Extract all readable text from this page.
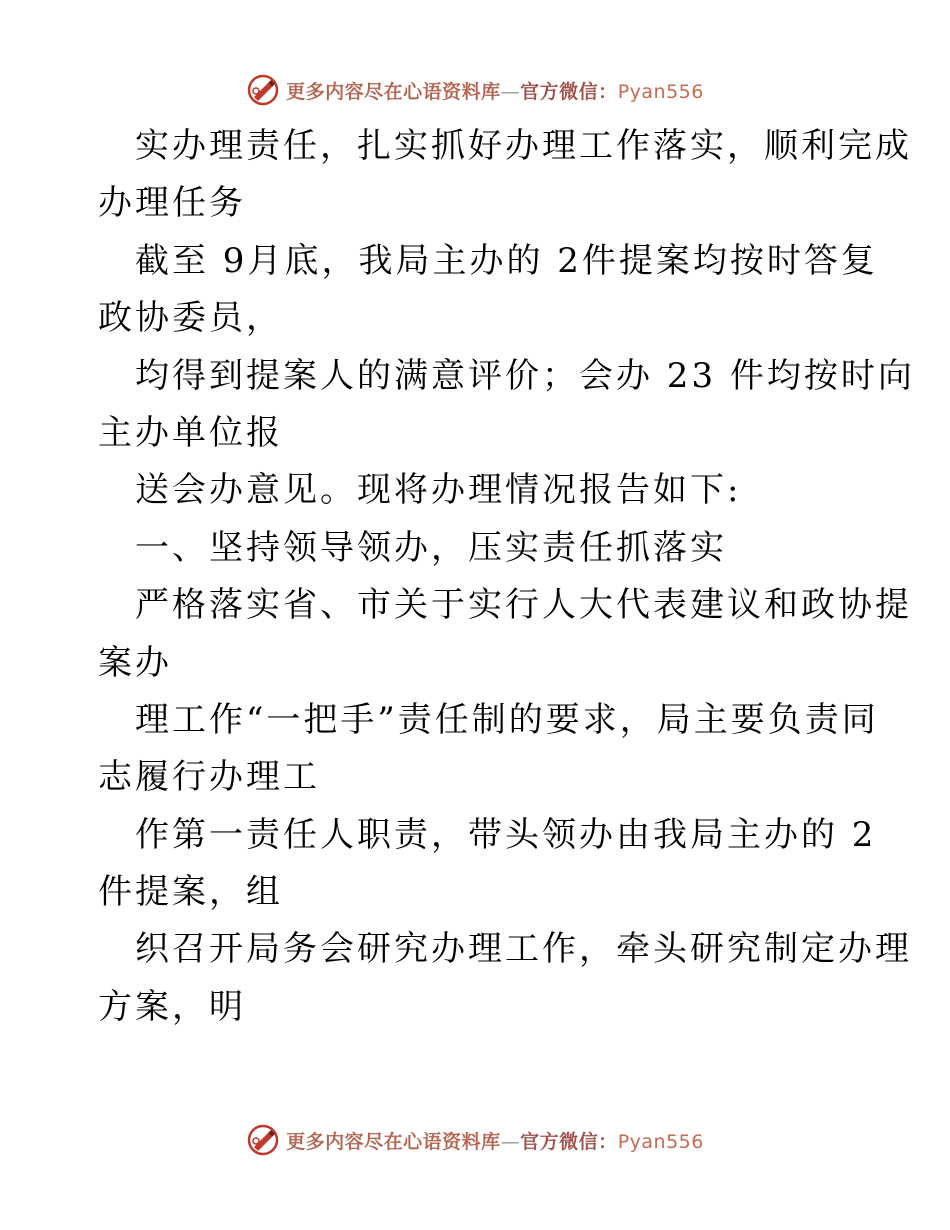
更多内容尽在心语资料库—官方微信：Pyan556
实办理责任，扎实抓好办理工作落实，顺利完成
办理任务
截至 9月底，我局主办的 2件提案均按时答复
政协委员，
均得到提案人的满意评价；会办 23 件均按时向
主办单位报
送会办意见。现将办理情况报告如下:
一、坚持领导领办，压实责任抓落实
严格落实省、市关于实行人大代表建议和政协提
案办
理工作“一把手”责任制的要求，局主要负责同
志履行办理工
作第一责任人职责，带头领办由我局主办的 2
件提案，组
织召开局务会研究办理工作，牵头研究制定办理
方案，明
更多内容尽在心语资料库—官方微信：Pyan556
